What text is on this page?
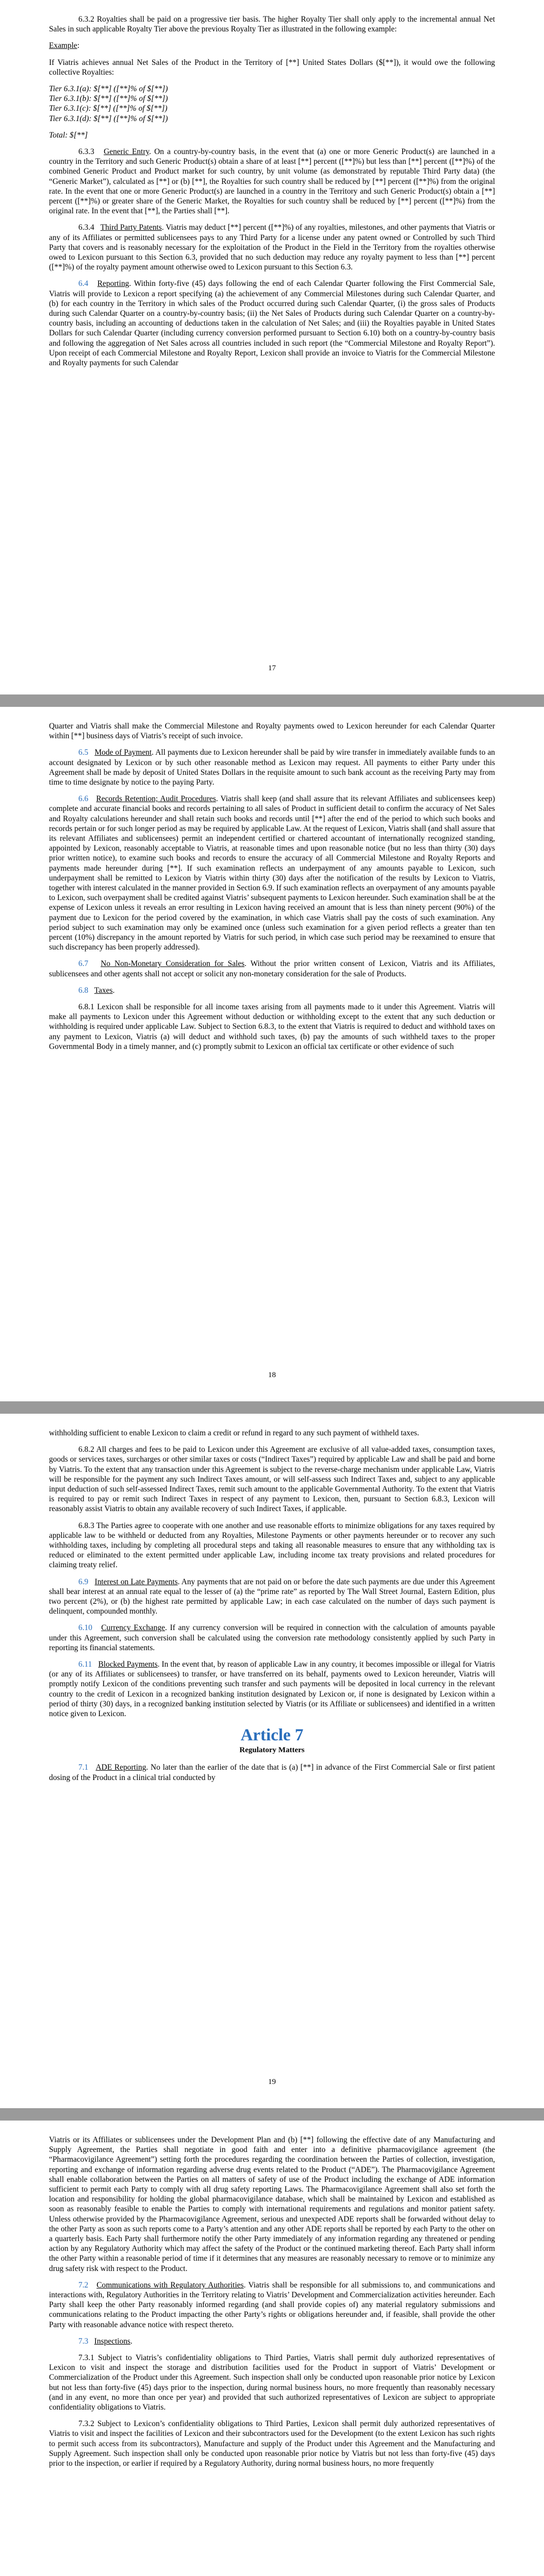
6.3.2 Royalties shall be paid on a progressive tier basis. The higher Royalty Tier shall only apply to the incremental annual Net Sales in such applicable Royalty Tier above the previous Royalty Tier as illustrated in the following example:

Example:

If Viatris achieves annual Net Sales of the Product in the Territory of [**] United States Dollars ($[**]), it would owe the following collective Royalties:

Tier 6.3.1(a): $[**] ([**]% of $[**])

Tier 6.3.1(b): $[**] ([**]% of $[**])

Tier 6.3.1(c): $[**] ([**]% of $[**])

Tier 6.3.1(d): $[**] ([**]% of $[**])

Total: $[**]

6.3.3 Generic Entry. On a country-by-country basis, in the event that (a) one or more Generic Product(s) are launched in a country in the Territory and such Generic Product(s) obtain a share of at least [**] percent ([**]%) but less than [**] percent ([**]%) of the combined Generic Product and Product market for such country, by unit volume (as demonstrated by reputable Third Party data) (the “Generic Market”), calculated as [**] or (b) [**], the Royalties for such country shall be reduced by [**] percent ([**]%) from the original rate. In the event that one or more Generic Product(s) are launched in a country in the Territory and such Generic Product(s) obtain a [**] percent ([**]%) or greater share of the Generic Market, the Royalties for such country shall be reduced by [**] percent ([**]%) from the original rate. In the event that [**], the Parties shall [**].

6.3.4 Third Party Patents. Viatris may deduct [**] percent ([**]%) of any royalties, milestones, and other payments that Viatris or any of its Affiliates or permitted sublicensees pays to any Third Party for a license under any patent owned or Controlled by such Third Party that covers and is reasonably necessary for the exploitation of the Product in the Field in the Territory from the royalties otherwise owed to Lexicon pursuant to this Section 6.3, provided that no such deduction may reduce any royalty payment to less than [**] percent ([**]%) of the royalty payment amount otherwise owed to Lexicon pursuant to this Section 6.3.

6.4 Reporting. Within forty-five (45) days following the end of each Calendar Quarter following the First Commercial Sale, Viatris will provide to Lexicon a report specifying (a) the achievement of any Commercial Milestones during such Calendar Quarter, and (b) for each country in the Territory in which sales of the Product occurred during such Calendar Quarter, (i) the gross sales of Products during such Calendar Quarter on a country-by-country basis; (ii) the Net Sales of Products during such Calendar Quarter on a country-by-country basis, including an accounting of deductions taken in the calculation of Net Sales; and (iii) the Royalties payable in United States Dollars for such Calendar Quarter (including currency conversion performed pursuant to Section 6.10) both on a country-by-country basis and following the aggregation of Net Sales across all countries included in such report (the “Commercial Milestone and Royalty Report”). Upon receipt of each Commercial Milestone and Royalty Report, Lexicon shall provide an invoice to Viatris for the Commercial Milestone and Royalty payments for such Calendar

17

Quarter and Viatris shall make the Commercial Milestone and Royalty payments owed to Lexicon hereunder for each Calendar Quarter within [**] business days of Viatris’s receipt of such invoice.

6.5 Mode of Payment. All payments due to Lexicon hereunder shall be paid by wire transfer in immediately available funds to an account designated by Lexicon or by such other reasonable method as Lexicon may request. All payments to either Party under this Agreement shall be made by deposit of United States Dollars in the requisite amount to such bank account as the receiving Party may from time to time designate by notice to the paying Party.

6.6 Records Retention; Audit Procedures. Viatris shall keep (and shall assure that its relevant Affiliates and sublicensees keep) complete and accurate financial books and records pertaining to all sales of Product in sufficient detail to confirm the accuracy of Net Sales and Royalty calculations hereunder and shall retain such books and records until [**] after the end of the period to which such books and records pertain or for such longer period as may be required by applicable Law. At the request of Lexicon, Viatris shall (and shall assure that its relevant Affiliates and sublicensees) permit an independent certified or chartered accountant of internationally recognized standing, appointed by Lexicon, reasonably acceptable to Viatris, at reasonable times and upon reasonable notice (but no less than thirty (30) days prior written notice), to examine such books and records to ensure the accuracy of all Commercial Milestone and Royalty Reports and payments made hereunder during [**]. If such examination reflects an underpayment of any amounts payable to Lexicon, such underpayment shall be remitted to Lexicon by Viatris within thirty (30) days after the notification of the results by Lexicon to Viatris, together with interest calculated in the manner provided in Section 6.9. If such examination reflects an overpayment of any amounts payable to Lexicon, such overpayment shall be credited against Viatris’ subsequent payments to Lexicon hereunder. Such examination shall be at the expense of Lexicon unless it reveals an error resulting in Lexicon having received an amount that is less than ninety percent (90%) of the payment due to Lexicon for the period covered by the examination, in which case Viatris shall pay the costs of such examination. Any period subject to such examination may only be examined once (unless such examination for a given period reflects a greater than ten percent (10%) discrepancy in the amount reported by Viatris for such period, in which case such period may be reexamined to ensure that such discrepancy has been properly addressed).

6.7 No Non-Monetary Consideration for Sales. Without the prior written consent of Lexicon, Viatris and its Affiliates, sublicensees and other agents shall not accept or solicit any non-monetary consideration for the sale of Products.

6.8 Taxes.

6.8.1 Lexicon shall be responsible for all income taxes arising from all payments made to it under this Agreement. Viatris will make all payments to Lexicon under this Agreement without deduction or withholding except to the extent that any such deduction or withholding is required under applicable Law. Subject to Section 6.8.3, to the extent that Viatris is required to deduct and withhold taxes on any payment to Lexicon, Viatris (a) will deduct and withhold such taxes, (b) pay the amounts of such withheld taxes to the proper Governmental Body in a timely manner, and (c) promptly submit to Lexicon an official tax certificate or other evidence of such

18

withholding sufficient to enable Lexicon to claim a credit or refund in regard to any such payment of withheld taxes.

6.8.2 All charges and fees to be paid to Lexicon under this Agreement are exclusive of all value-added taxes, consumption taxes, goods or services taxes, surcharges or other similar taxes or costs (“Indirect Taxes”) required by applicable Law and shall be paid and borne by Viatris. To the extent that any transaction under this Agreement is subject to the reverse-charge mechanism under applicable Law, Viatris will be responsible for the payment any such Indirect Taxes amount, or will self-assess such Indirect Taxes and, subject to any applicable input deduction of such self-assessed Indirect Taxes, remit such amount to the applicable Governmental Authority. To the extent that Viatris is required to pay or remit such Indirect Taxes in respect of any payment to Lexicon, then, pursuant to Section 6.8.3, Lexicon will reasonably assist Viatris to obtain any available recovery of such Indirect Taxes, if applicable.

6.8.3 The Parties agree to cooperate with one another and use reasonable efforts to minimize obligations for any taxes required by applicable law to be withheld or deducted from any Royalties, Milestone Payments or other payments hereunder or to recover any such withholding taxes, including by completing all procedural steps and taking all reasonable measures to ensure that any withholding tax is reduced or eliminated to the extent permitted under applicable Law, including income tax treaty provisions and related procedures for claiming treaty relief.

6.9 Interest on Late Payments. Any payments that are not paid on or before the date such payments are due under this Agreement shall bear interest at an annual rate equal to the lesser of (a) the “prime rate” as reported by The Wall Street Journal, Eastern Edition, plus two percent (2%), or (b) the highest rate permitted by applicable Law; in each case calculated on the number of days such payment is delinquent, compounded monthly.

6.10 Currency Exchange. If any currency conversion will be required in connection with the calculation of amounts payable under this Agreement, such conversion shall be calculated using the conversion rate methodology consistently applied by such Party in reporting its financial statements.

6.11 Blocked Payments. In the event that, by reason of applicable Law in any country, it becomes impossible or illegal for Viatris (or any of its Affiliates or sublicensees) to transfer, or have transferred on its behalf, payments owed to Lexicon hereunder, Viatris will promptly notify Lexicon of the conditions preventing such transfer and such payments will be deposited in local currency in the relevant country to the credit of Lexicon in a recognized banking institution designated by Lexicon or, if none is designated by Lexicon within a period of thirty (30) days, in a recognized banking institution selected by Viatris (or its Affiliate or sublicensees) and identified in a written notice given to Lexicon.

Article 7
Regulatory Matters

7.1 ADE Reporting. No later than the earlier of the date that is (a) [**] in advance of the First Commercial Sale or first patient dosing of the Product in a clinical trial conducted by

19

Viatris or its Affiliates or sublicensees under the Development Plan and (b) [**] following the effective date of any Manufacturing and Supply Agreement, the Parties shall negotiate in good faith and enter into a definitive pharmacovigilance agreement (the “Pharmacovigilance Agreement”) setting forth the procedures regarding the coordination between the Parties of collection, investigation, reporting and exchange of information regarding adverse drug events related to the Product (“ADE”). The Pharmacovigilance Agreement shall enable collaboration between the Parties on all matters of safety of use of the Product including the exchange of ADE information sufficient to permit each Party to comply with all drug safety reporting Laws. The Pharmacovigilance Agreement shall also set forth the location and responsibility for holding the global pharmacovigilance database, which shall be maintained by Lexicon and established as soon as reasonably feasible to enable the Parties to comply with international requirements and regulations and monitor patient safety. Unless otherwise provided by the Pharmacovigilance Agreement, serious and unexpected ADE reports shall be forwarded without delay to the other Party as soon as such reports come to a Party’s attention and any other ADE reports shall be reported by each Party to the other on a quarterly basis. Each Party shall furthermore notify the other Party immediately of any information regarding any threatened or pending action by any Regulatory Authority which may affect the safety of the Product or the continued marketing thereof. Each Party shall inform the other Party within a reasonable period of time if it determines that any measures are reasonably necessary to remove or to minimize any drug safety risk with respect to the Product.

7.2 Communications with Regulatory Authorities. Viatris shall be responsible for all submissions to, and communications and interactions with, Regulatory Authorities in the Territory relating to Viatris’ Development and Commercialization activities hereunder. Each Party shall keep the other Party reasonably informed regarding (and shall provide copies of) any material regulatory submissions and communications relating to the Product impacting the other Party’s rights or obligations hereunder and, if feasible, shall provide the other Party with reasonable advance notice with respect thereto.

7.3 Inspections.

7.3.1 Subject to Viatris’s confidentiality obligations to Third Parties, Viatris shall permit duly authorized representatives of Lexicon to visit and inspect the storage and distribution facilities used for the Product in support of Viatris’ Development or Commercialization of the Product under this Agreement. Such inspection shall only be conducted upon reasonable prior notice by Lexicon but not less than forty-five (45) days prior to the inspection, during normal business hours, no more frequently than reasonably necessary (and in any event, no more than once per year) and provided that such authorized representatives of Lexicon are subject to appropriate confidentiality obligations to Viatris.

7.3.2 Subject to Lexicon’s confidentiality obligations to Third Parties, Lexicon shall permit duly authorized representatives of Viatris to visit and inspect the facilities of Lexicon and their subcontractors used for the Development (to the extent Lexicon has such rights to permit such access from its subcontractors), Manufacture and supply of the Product under this Agreement and the Manufacturing and Supply Agreement. Such inspection shall only be conducted upon reasonable prior notice by Viatris but not less than forty-five (45) days prior to the inspection, or earlier if required by a Regulatory Authority, during normal business hours, no more frequently
